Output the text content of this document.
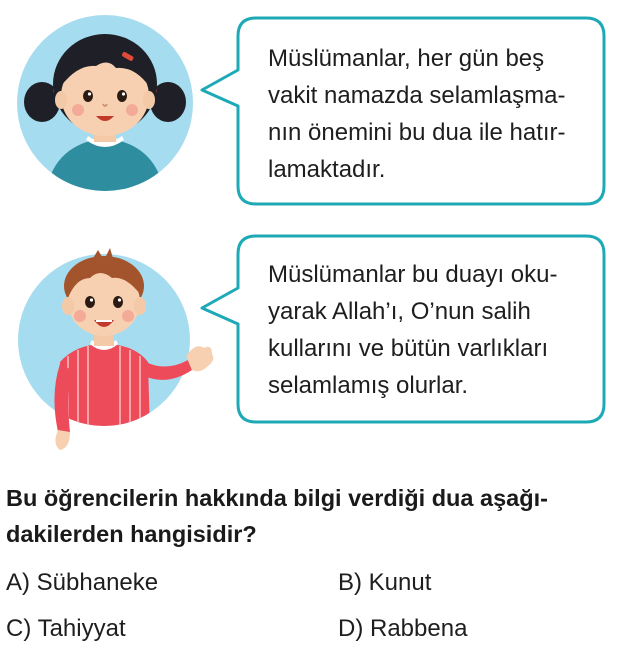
Müslümanlar, her gün beş
vakit namazda selamlaşma-
nın önemini bu dua ile hatır-
lamaktadır.
Müslümanlar bu duayı oku-
yarak Allah’ı, O’nun salih
kullarını ve bütün varlıkları
selamlamış olurlar.
Bu öğrencilerin hakkında bilgi verdiği dua aşağı-
dakilerden hangisidir?
A) Sübhaneke	B) Kunut
C) Tahiyyat	D) Rabbena
